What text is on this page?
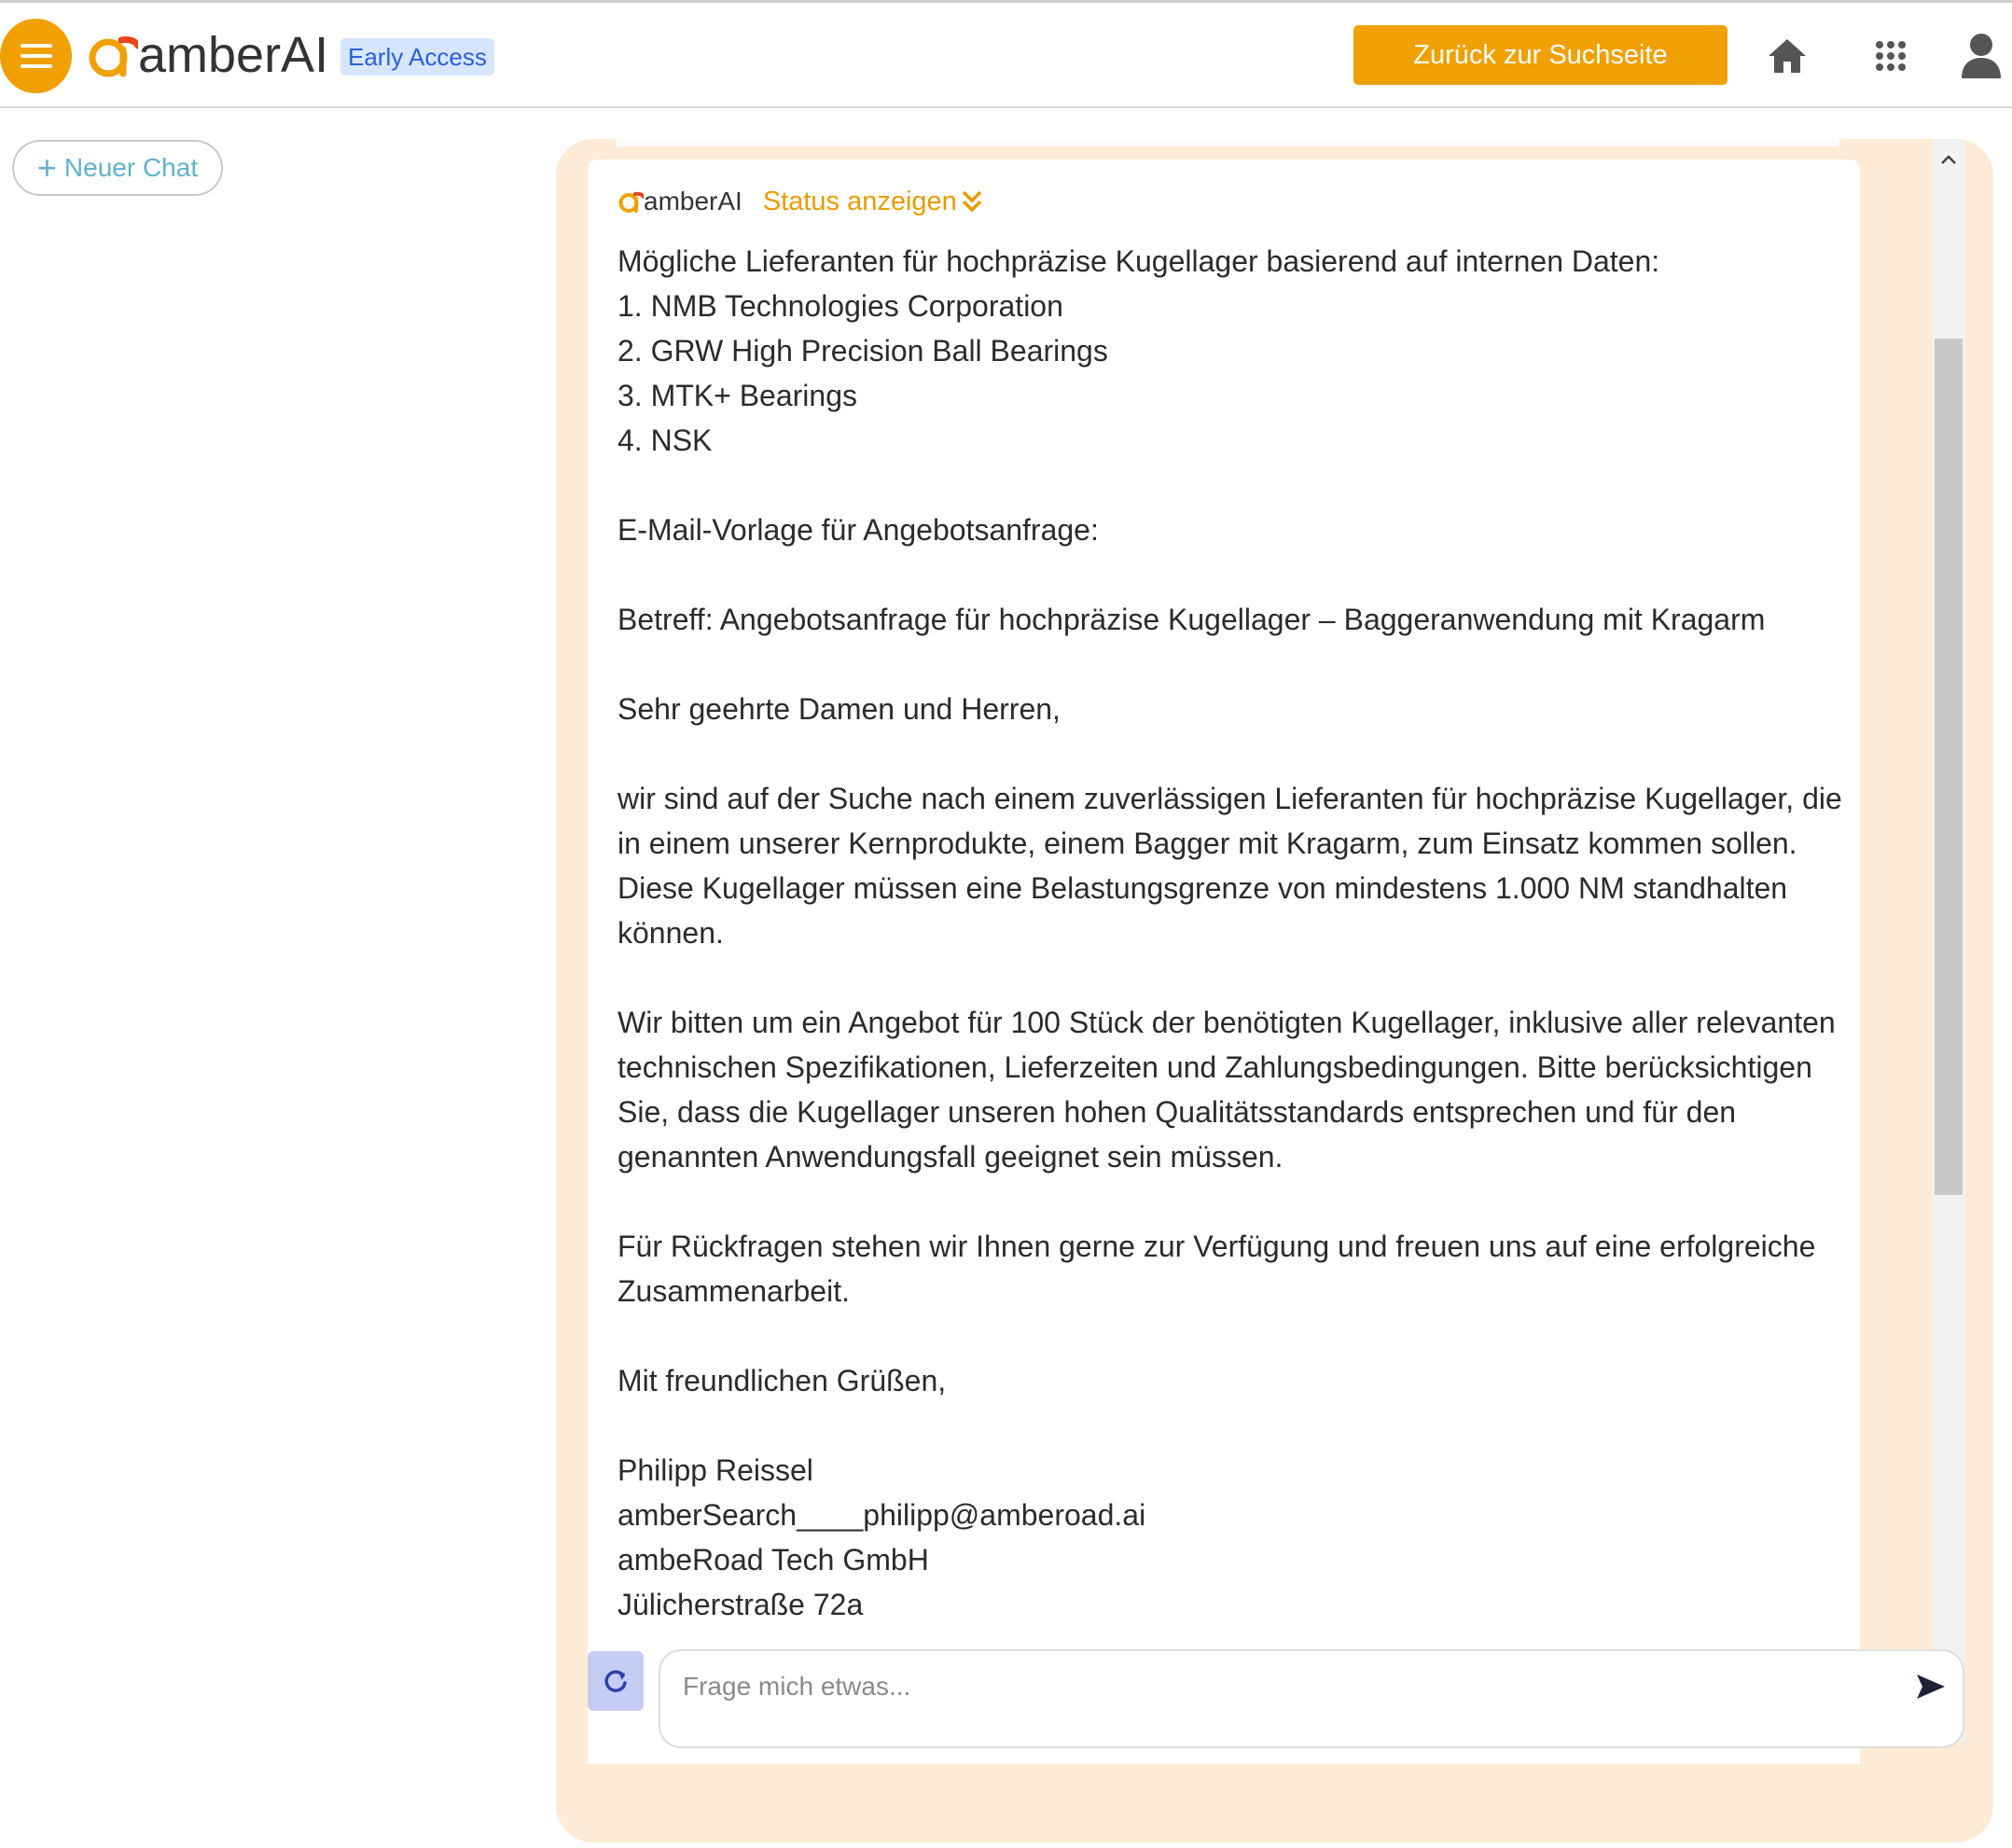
amberAI Early Access	Zurück zur Suchseite
+ Neuer Chat
amberAI Status anzeigen

Mögliche Lieferanten für hochpräzise Kugellager basierend auf internen Daten:

1. NMB Technologies Corporation

2. GRW High Precision Ball Bearings

3. MTK+ Bearings

4. NSK

E-Mail-Vorlage für Angebotsanfrage:

Betreff: Angebotsanfrage für hochpräzise Kugellager – Baggeranwendung mit Kragarm

Sehr geehrte Damen und Herren,

wir sind auf der Suche nach einem zuverlässigen Lieferanten für hochpräzise Kugellager, die

in einem unserer Kernprodukte, einem Bagger mit Kragarm, zum Einsatz kommen sollen.

Diese Kugellager müssen eine Belastungsgrenze von mindestens 1.000 NM standhalten

können.

Wir bitten um ein Angebot für 100 Stück der benötigten Kugellager, inklusive aller relevanten

technischen Spezifikationen, Lieferzeiten und Zahlungsbedingungen. Bitte berücksichtigen

Sie, dass die Kugellager unseren hohen Qualitätsstandards entsprechen und für den

genannten Anwendungsfall geeignet sein müssen.

Für Rückfragen stehen wir Ihnen gerne zur Verfügung und freuen uns auf eine erfolgreiche

Zusammenarbeit.

Mit freundlichen Grüßen,

Philipp Reissel

amberSearch____philipp@amberoad.ai

ambeRoad Tech GmbH

Jülicherstraße 72a

Frage mich etwas...
